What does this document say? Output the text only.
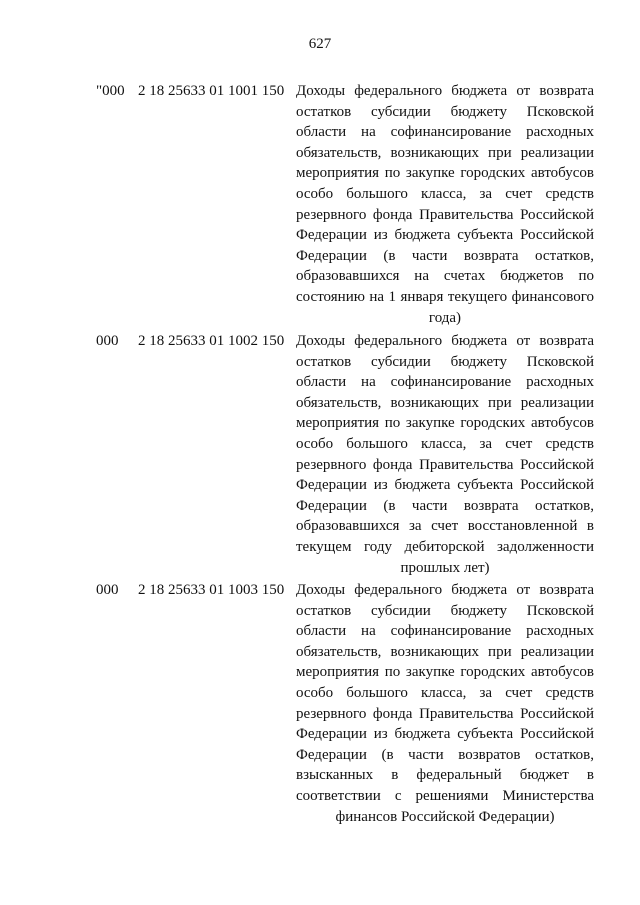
627
"000 2 18 25633 01 1001 150 Доходы федерального бюджета от возврата остатков субсидии бюджету Псковской области на софинансирование расходных обязательств, возникающих при реализации мероприятия по закупке городских автобусов особо большого класса, за счет средств резервного фонда Правительства Российской Федерации из бюджета субъекта Российской Федерации (в части возврата остатков, образовавшихся на счетах бюджетов по состоянию на 1 января текущего финансового года)
000 2 18 25633 01 1002 150 Доходы федерального бюджета от возврата остатков субсидии бюджету Псковской области на софинансирование расходных обязательств, возникающих при реализации мероприятия по закупке городских автобусов особо большого класса, за счет средств резервного фонда Правительства Российской Федерации из бюджета субъекта Российской Федерации (в части возврата остатков, образовавшихся за счет восстановленной в текущем году дебиторской задолженности прошлых лет)
000 2 18 25633 01 1003 150 Доходы федерального бюджета от возврата остатков субсидии бюджету Псковской области на софинансирование расходных обязательств, возникающих при реализации мероприятия по закупке городских автобусов особо большого класса, за счет средств резервного фонда Правительства Российской Федерации из бюджета субъекта Российской Федерации (в части возвратов остатков, взысканных в федеральный бюджет в соответствии с решениями Министерства финансов Российской Федерации)
